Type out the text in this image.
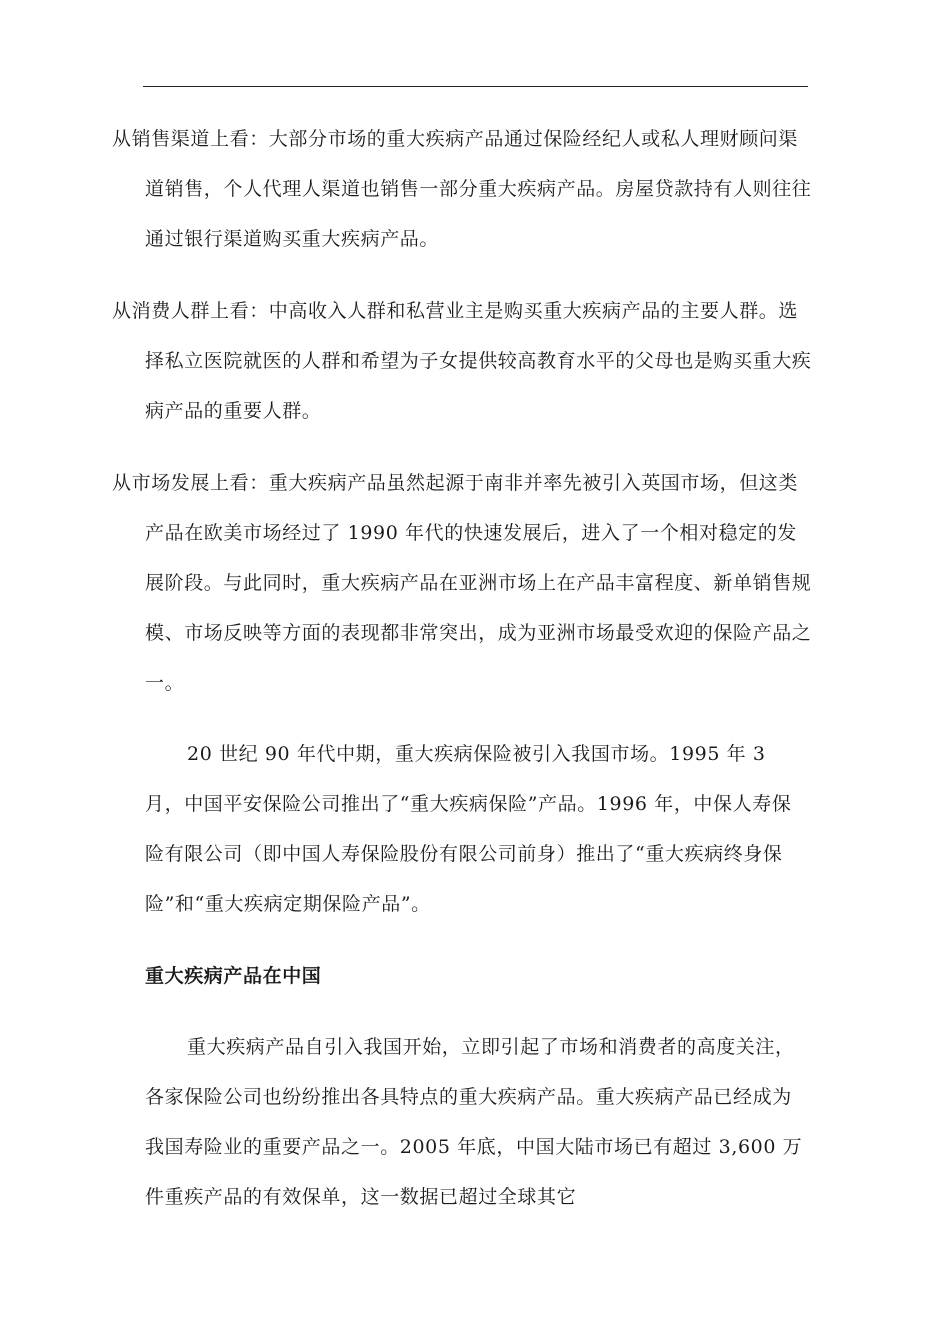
从销售渠道上看：大部分市场的重大疾病产品通过保险经纪人或私人理财顾问渠道销售，个人代理人渠道也销售一部分重大疾病产品。房屋贷款持有人则往往通过银行渠道购买重大疾病产品。

从消费人群上看：中高收入人群和私营业主是购买重大疾病产品的主要人群。选择私立医院就医的人群和希望为子女提供较高教育水平的父母也是购买重大疾病产品的重要人群。

从市场发展上看：重大疾病产品虽然起源于南非并率先被引入英国市场，但这类产品在欧美市场经过了 1990 年代的快速发展后，进入了一个相对稳定的发展阶段。与此同时，重大疾病产品在亚洲市场上在产品丰富程度、新单销售规模、市场反映等方面的表现都非常突出，成为亚洲市场最受欢迎的保险产品之一。

20 世纪 90 年代中期，重大疾病保险被引入我国市场。1995 年 3 月，中国平安保险公司推出了“重大疾病保险”产品。1996 年，中保人寿保险有限公司（即中国人寿保险股份有限公司前身）推出了“重大疾病终身保险”和“重大疾病定期保险产品”。

重大疾病产品在中国

重大疾病产品自引入我国开始，立即引起了市场和消费者的高度关注，各家保险公司也纷纷推出各具特点的重大疾病产品。重大疾病产品已经成为我国寿险业的重要产品之一。2005 年底，中国大陆市场已有超过 3,600 万件重疾产品的有效保单，这一数据已超过全球其它
